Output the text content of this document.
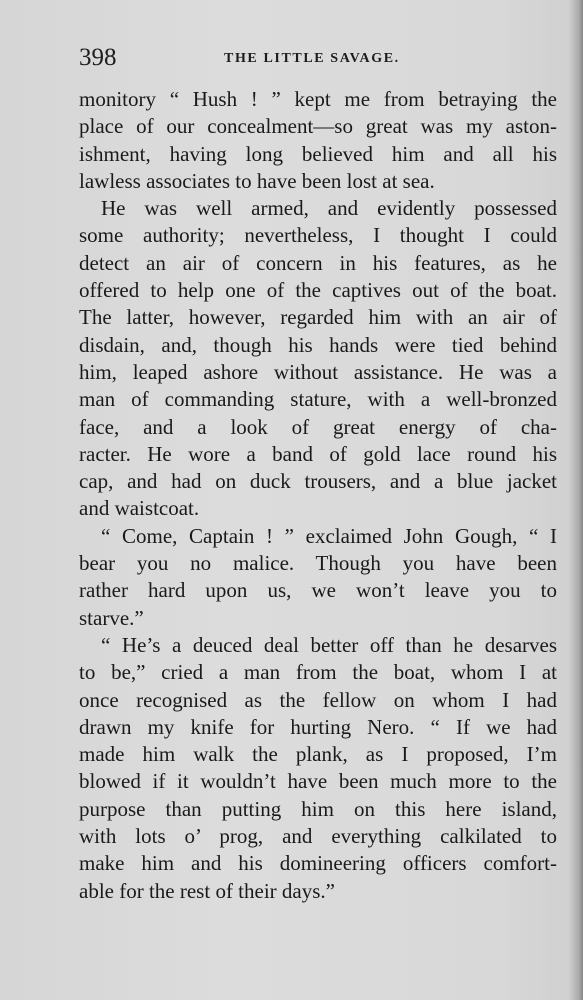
398	THE LITTLE SAVAGE.
monitory “ Hush ! ” kept me from betraying the
place of our concealment—so great was my aston-
ishment, having long believed him and all his
lawless associates to have been lost at sea.
He was well armed, and evidently possessed
some authority; nevertheless, I thought I could
detect an air of concern in his features, as he
offered to help one of the captives out of the boat.
The latter, however, regarded him with an air of
disdain, and, though his hands were tied behind
him, leaped ashore without assistance. He was a
man of commanding stature, with a well-bronzed
face, and a look of great energy of cha-
racter. He wore a band of gold lace round his
cap, and had on duck trousers, and a blue jacket
and waistcoat.
“ Come, Captain ! ” exclaimed John Gough, “ I
bear you no malice. Though you have been
rather hard upon us, we won’t leave you to
starve.”
“ He’s a deuced deal better off than he desarves
to be,” cried a man from the boat, whom I at
once recognised as the fellow on whom I had
drawn my knife for hurting Nero. “ If we had
made him walk the plank, as I proposed, I’m
blowed if it wouldn’t have been much more to the
purpose than putting him on this here island,
with lots o’ prog, and everything calkilated to
make him and his domineering officers comfort-
able for the rest of their days.”
